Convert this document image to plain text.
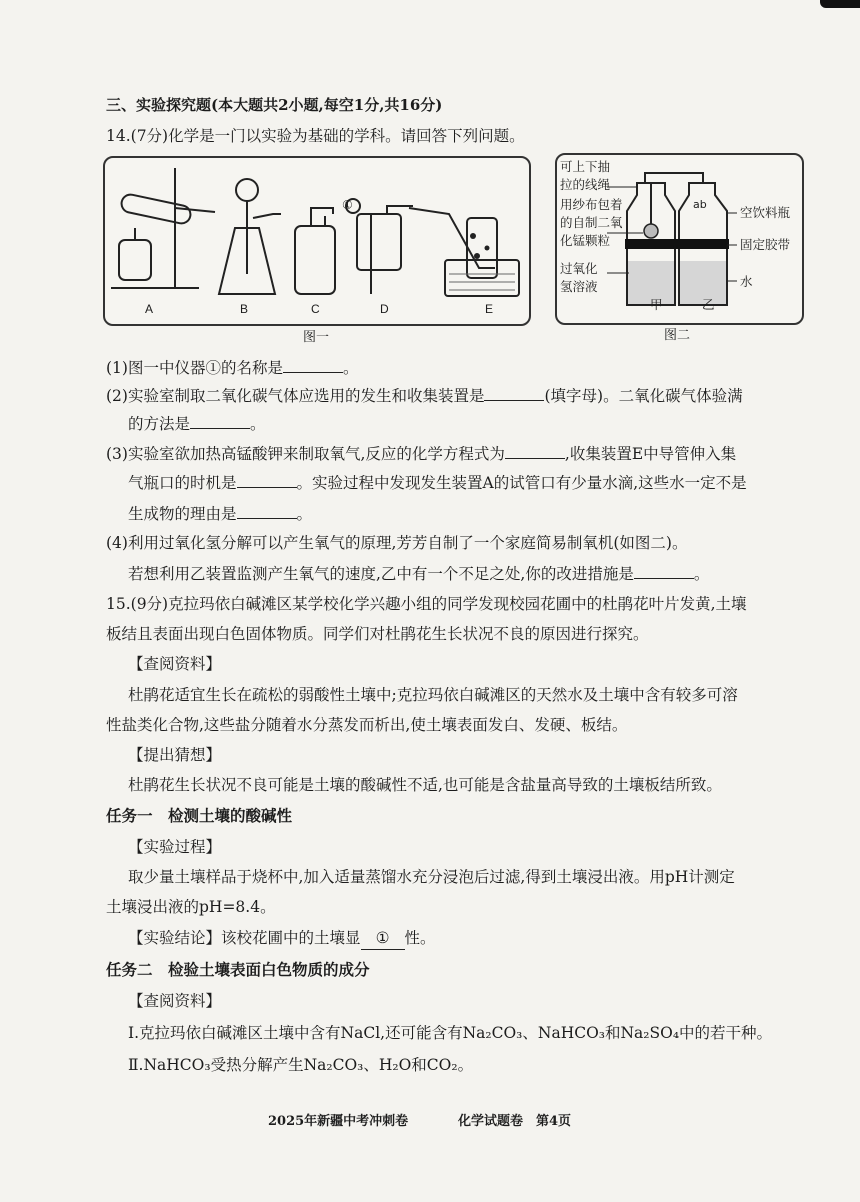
三、实验探究题(本大题共2小题,每空1分,共16分)
14.(7分)化学是一门以实验为基础的学科。请回答下列问题。
A	B	C	D	E
①
图一
可上下抽
拉的线绳
用纱布包着
的自制二氧
化锰颗粒
过氧化
氢溶液
空饮料瓶
固定胶带
水
ab
甲	乙
图二
(1)图一中仪器①的名称是	。
(2)实验室制取二氧化碳气体应选用的发生和收集装置是	(填字母)。二氧化碳气体验满
的方法是	。
(3)实验室欲加热高锰酸钾来制取氧气,反应的化学方程式为	,收集装置E中导管伸入集
气瓶口的时机是	。实验过程中发现发生装置A的试管口有少量水滴,这些水一定不是
生成物的理由是	。
(4)利用过氧化氢分解可以产生氧气的原理,芳芳自制了一个家庭简易制氧机(如图二)。
若想利用乙装置监测产生氧气的速度,乙中有一个不足之处,你的改进措施是	。
15.(9分)克拉玛依白碱滩区某学校化学兴趣小组的同学发现校园花圃中的杜鹃花叶片发黄,土壤
板结且表面出现白色固体物质。同学们对杜鹃花生长状况不良的原因进行探究。
【查阅资料】
杜鹃花适宜生长在疏松的弱酸性土壤中;克拉玛依白碱滩区的天然水及土壤中含有较多可溶
性盐类化合物,这些盐分随着水分蒸发而析出,使土壤表面发白、发硬、板结。
【提出猜想】
杜鹃花生长状况不良可能是土壤的酸碱性不适,也可能是含盐量高导致的土壤板结所致。
任务一　检测土壤的酸碱性
【实验过程】
取少量土壤样品于烧杯中,加入适量蒸馏水充分浸泡后过滤,得到土壤浸出液。用pH计测定
土壤浸出液的pH=8.4。
【实验结论】该校花圃中的土壤显 ① 性。
任务二　检验土壤表面白色物质的成分
【查阅资料】
Ⅰ.克拉玛依白碱滩区土壤中含有NaCl,还可能含有Na₂CO₃、NaHCO₃和Na₂SO₄中的若干种。
Ⅱ.NaHCO₃受热分解产生Na₂CO₃、H₂O和CO₂。
2025年新疆中考冲刺卷	化学试题卷　第4页
